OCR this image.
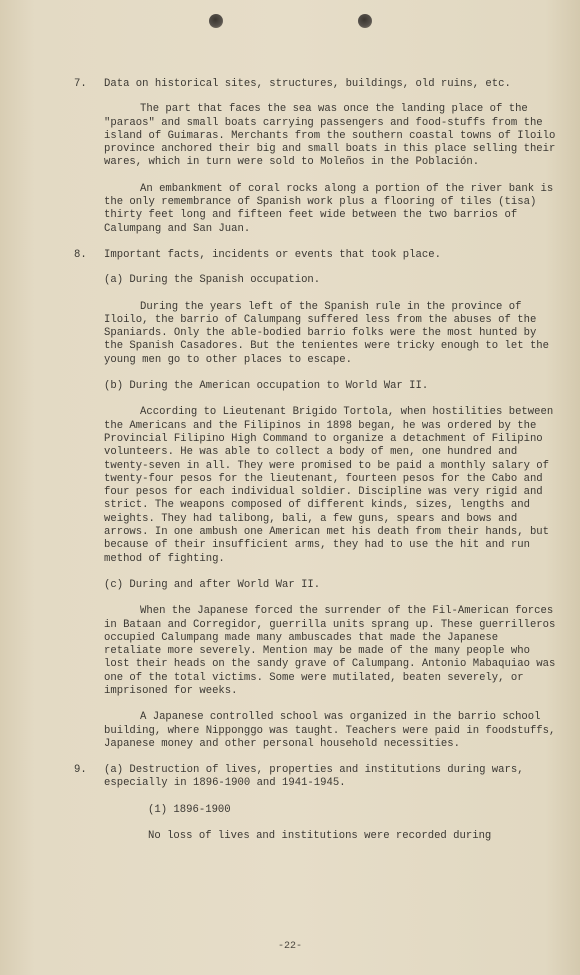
7.	Data on historical sites, structures, buildings, old ruins, etc.

The part that faces the sea was once the landing place of the "paraos" and small boats carrying passengers and food-stuffs from the island of Guimaras. Merchants from the southern coastal towns of Iloilo province anchored their big and small boats in this place selling their wares, which in turn were sold to Moleños in the Población.

An embankment of coral rocks along a portion of the river bank is the only remembrance of Spanish work plus a flooring of tiles (tisa) thirty feet long and fifteen feet wide between the two barrios of Calumpang and San Juan.

8.	Important facts, incidents or events that took place.

(a) During the Spanish occupation.

During the years left of the Spanish rule in the province of Iloilo, the barrio of Calumpang suffered less from the abuses of the Spaniards. Only the able-bodied barrio folks were the most hunted by the Spanish Casadores. But the tenientes were tricky enough to let the young men go to other places to escape.

(b) During the American occupation to World War II.

According to Lieutenant Brigido Tortola, when hostilities between the Americans and the Filipinos in 1898 began, he was ordered by the Provincial Filipino High Command to organize a detachment of Filipino volunteers. He was able to collect a body of men, one hundred and twenty-seven in all. They were promised to be paid a monthly salary of twenty-four pesos for the lieutenant, fourteen pesos for the Cabo and four pesos for each individual soldier. Discipline was very rigid and strict. The weapons composed of different kinds, sizes, lengths and weights. They had talibong, bali, a few guns, spears and bows and arrows. In one ambush one American met his death from their hands, but because of their insufficient arms, they had to use the hit and run method of fighting.

(c) During and after World War II.

When the Japanese forced the surrender of the Fil-American forces in Bataan and Corregidor, guerrilla units sprang up. These guerrilleros occupied Calumpang made many ambuscades that made the Japanese retaliate more severely. Mention may be made of the many people who lost their heads on the sandy grave of Calumpang. Antonio Mabaquiao was one of the total victims. Some were mutilated, beaten severely, or imprisoned for weeks.

A Japanese controlled school was organized in the barrio school building, where Nipponggo was taught. Teachers were paid in foodstuffs, Japanese money and other personal household necessities.

9.	(a) Destruction of lives, properties and institutions during wars, especially in 1896-1900 and 1941-1945.

(1) 1896-1900

No loss of lives and institutions were recorded during

-22-
